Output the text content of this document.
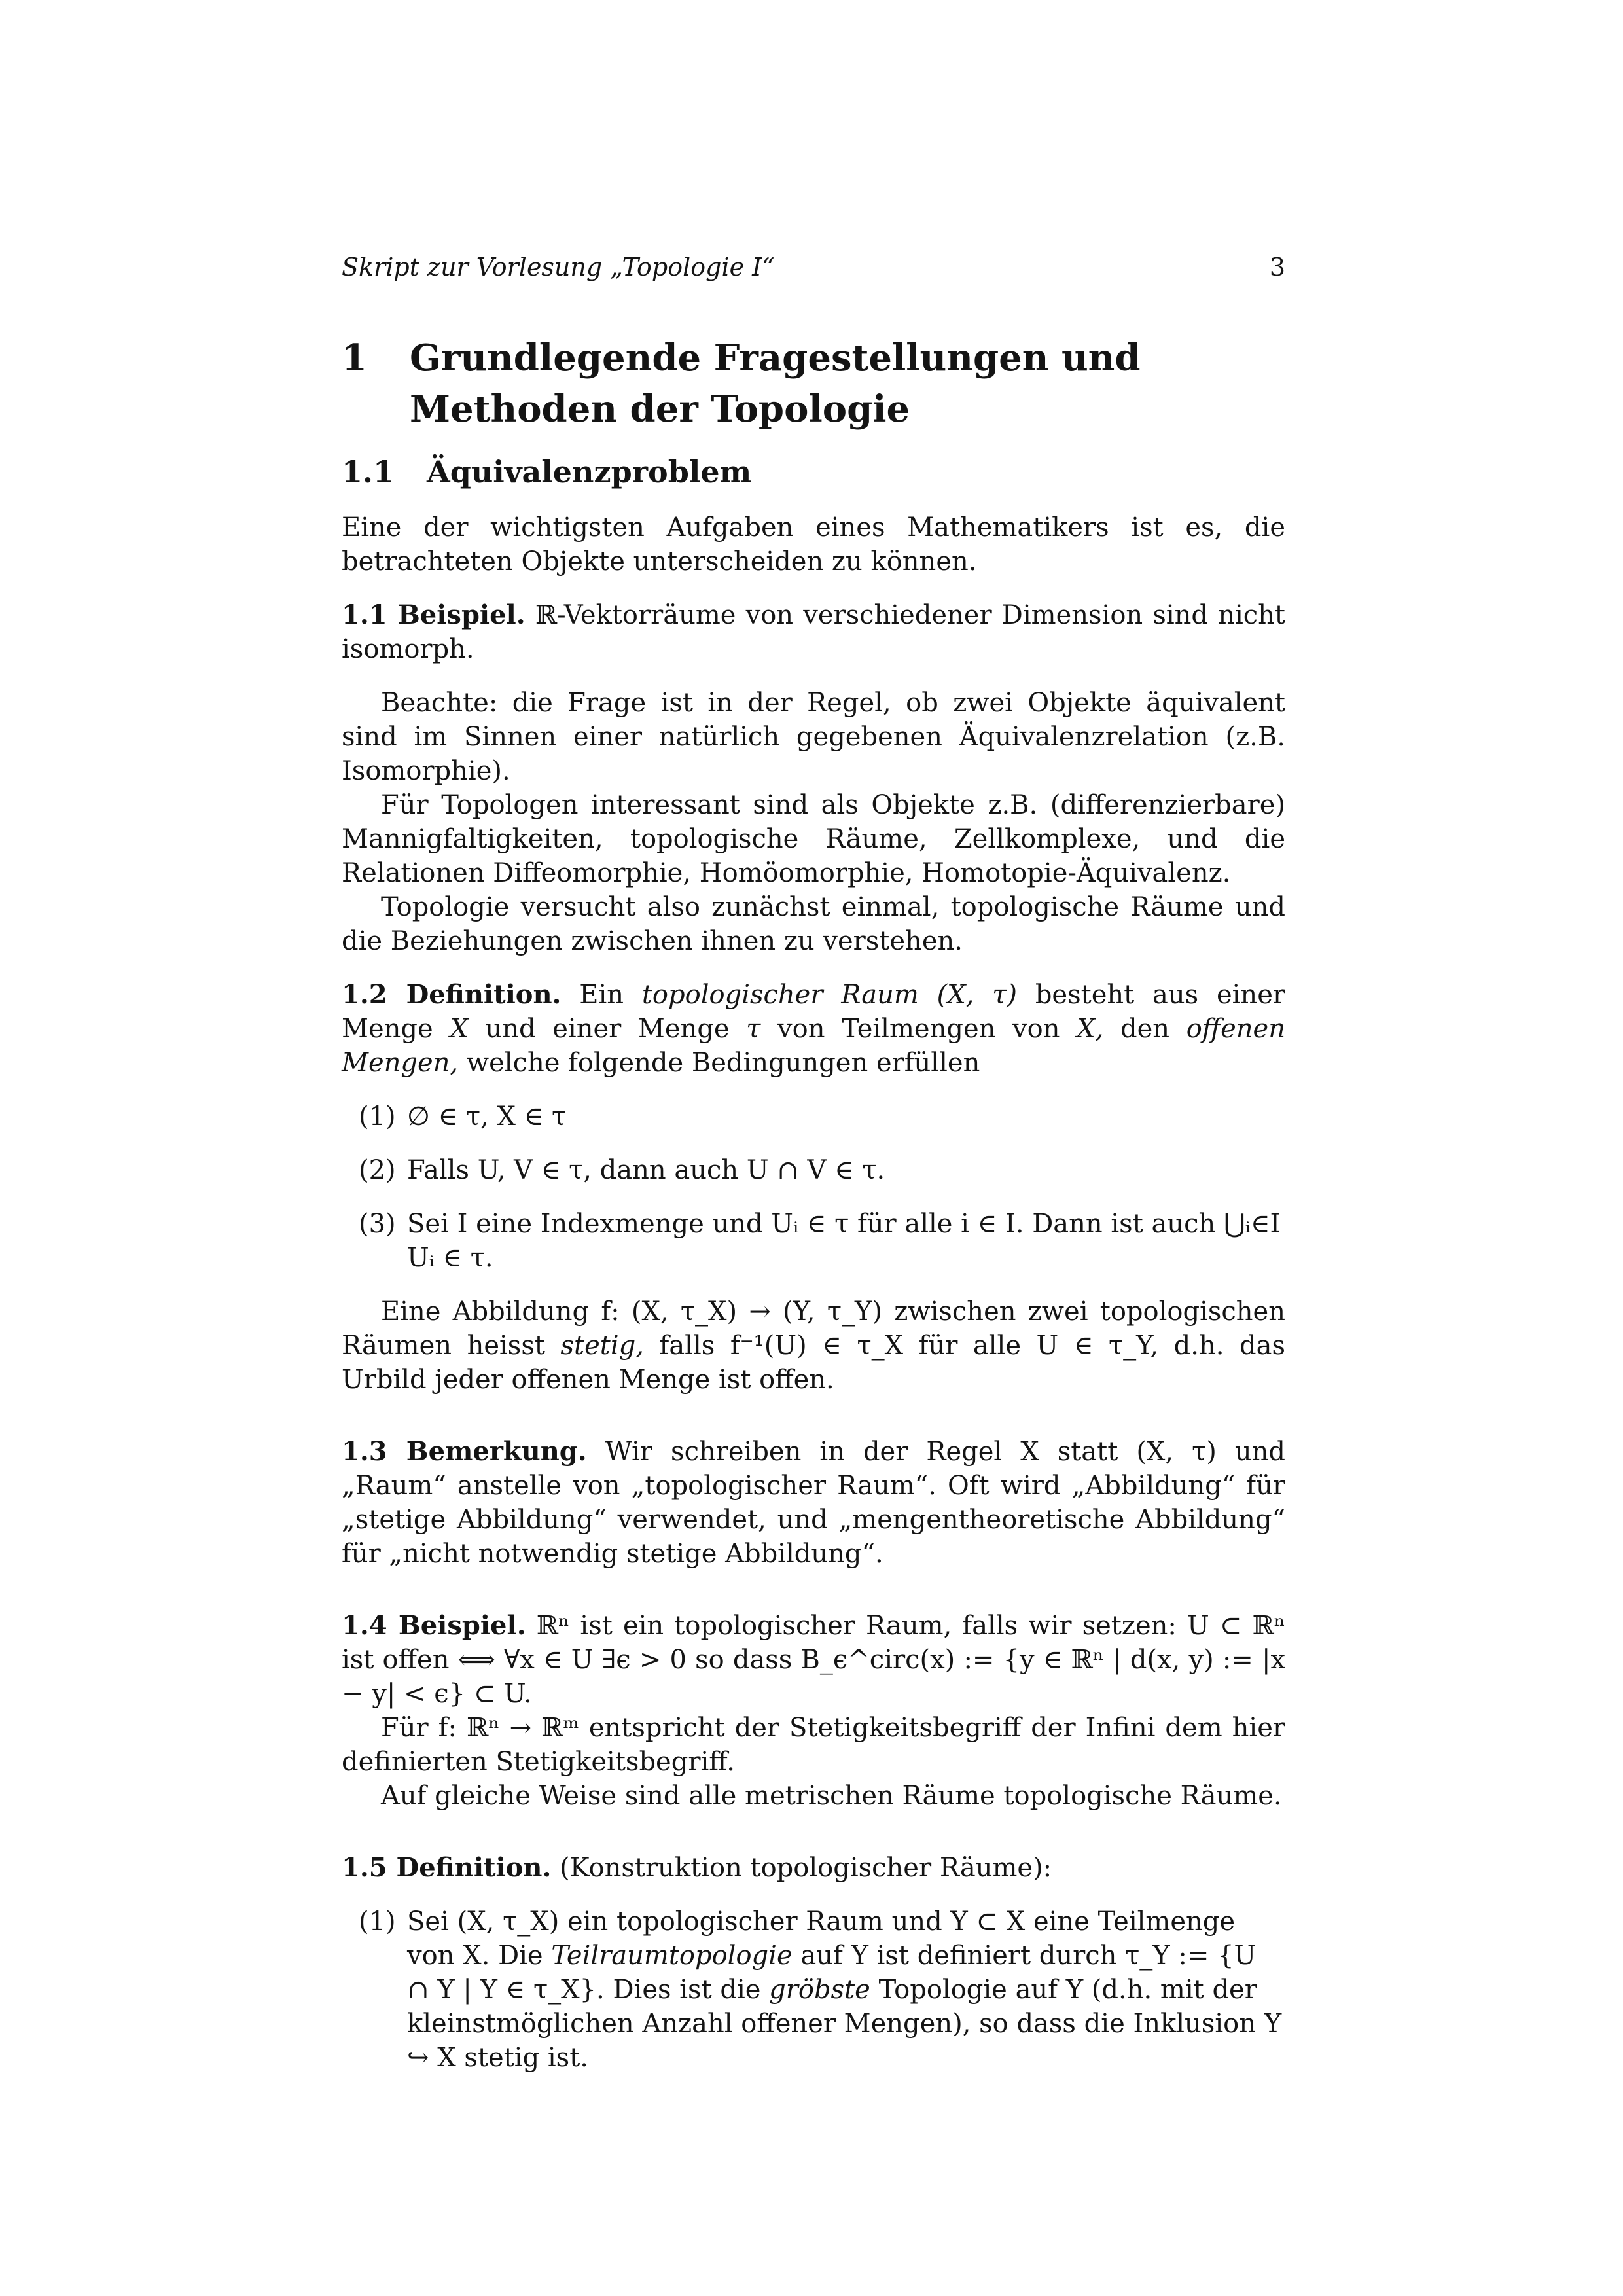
Skript zur Vorlesung „Topologie I“	3
1 Grundlegende Fragestellungen und Methoden der Topologie
1.1 Äquivalenzproblem

Eine der wichtigsten Aufgaben eines Mathematikers ist es, die betrachteten Objekte unterscheiden zu können.

1.1 Beispiel. ℝ-Vektorräume von verschiedener Dimension sind nicht isomorph.

Beachte: die Frage ist in der Regel, ob zwei Objekte äquivalent sind im Sinnen einer natürlich gegebenen Äquivalenzrelation (z.B. Isomorphie).

Für Topologen interessant sind als Objekte z.B. (differenzierbare) Mannigfaltigkeiten, topologische Räume, Zellkomplexe, und die Relationen Diffeomorphie, Homöomorphie, Homotopie-Äquivalenz.

Topologie versucht also zunächst einmal, topologische Räume und die Beziehungen zwischen ihnen zu verstehen.

1.2 Definition. Ein topologischer Raum (X, τ) besteht aus einer Menge X und einer Menge τ von Teilmengen von X, den offenen Mengen, welche folgende Bedingungen erfüllen

(1) ∅ ∈ τ, X ∈ τ
(2) Falls U, V ∈ τ, dann auch U ∩ V ∈ τ.
(3) Sei I eine Indexmenge und Uᵢ ∈ τ für alle i ∈ I. Dann ist auch ⋃ᵢ∈I Uᵢ ∈ τ.

Eine Abbildung f: (X, τ_X) → (Y, τ_Y) zwischen zwei topologischen Räumen heisst stetig, falls f⁻¹(U) ∈ τ_X für alle U ∈ τ_Y, d.h. das Urbild jeder offenen Menge ist offen.

1.3 Bemerkung. Wir schreiben in der Regel X statt (X, τ) und „Raum“ anstelle von „topologischer Raum“. Oft wird „Abbildung“ für „stetige Abbildung“ verwendet, und „mengentheoretische Abbildung“ für „nicht notwendig stetige Abbildung“.

1.4 Beispiel. ℝⁿ ist ein topologischer Raum, falls wir setzen: U ⊂ ℝⁿ ist offen ⟺ ∀x ∈ U ∃ϵ > 0 so dass B_ϵ^circ(x) := {y ∈ ℝⁿ | d(x, y) := |x − y| < ϵ} ⊂ U.

Für f: ℝⁿ → ℝᵐ entspricht der Stetigkeitsbegriff der Infini dem hier definierten Stetigkeitsbegriff.

Auf gleiche Weise sind alle metrischen Räume topologische Räume.

1.5 Definition. (Konstruktion topologischer Räume):

(1) Sei (X, τ_X) ein topologischer Raum und Y ⊂ X eine Teilmenge von X. Die Teilraumtopologie auf Y ist definiert durch τ_Y := {U ∩ Y | Y ∈ τ_X}. Dies ist die gröbste Topologie auf Y (d.h. mit der kleinstmöglichen Anzahl offener Mengen), so dass die Inklusion Y ↪ X stetig ist.
